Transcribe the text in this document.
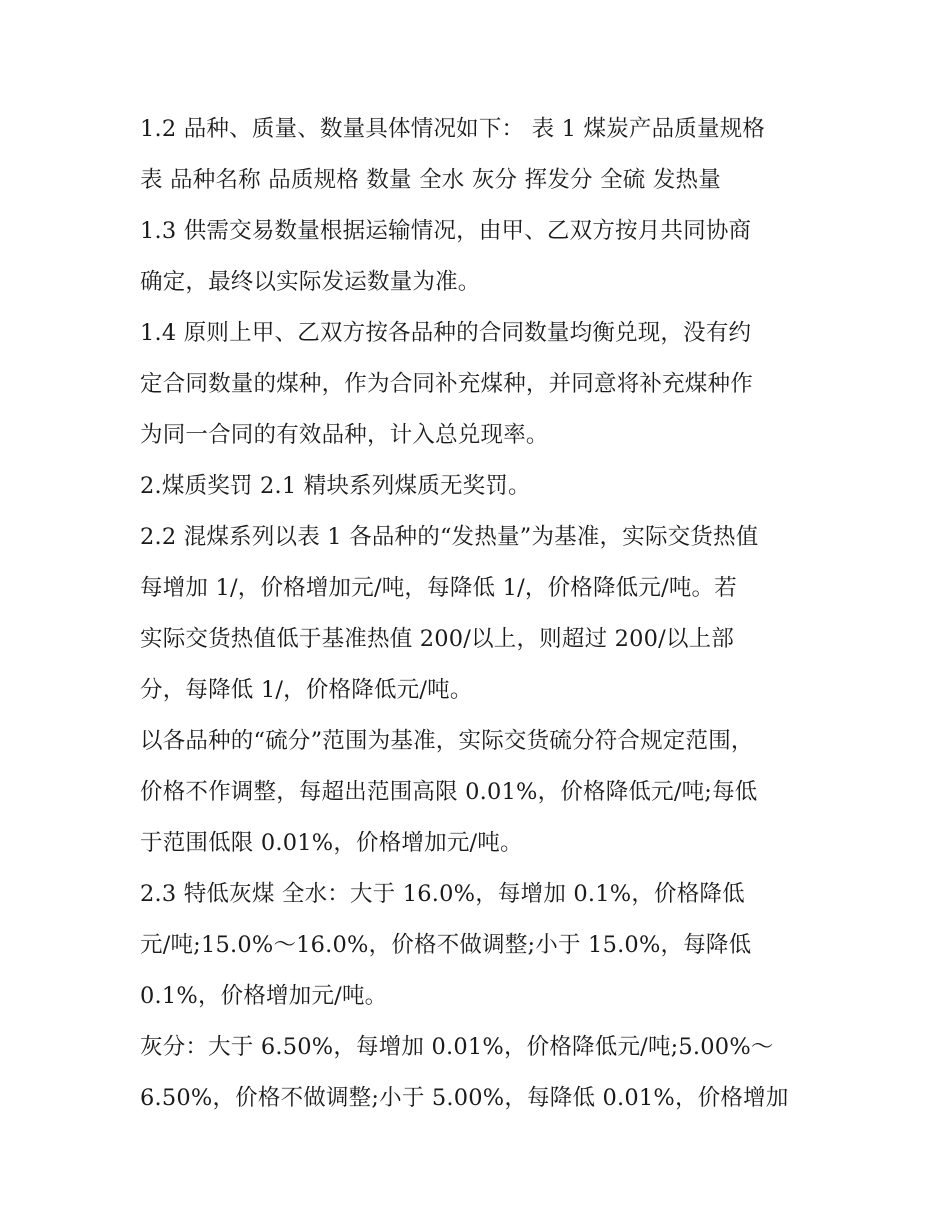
1.2 品种、质量、数量具体情况如下： 表 1 煤炭产品质量规格
表 品种名称 品质规格 数量 全水 灰分 挥发分 全硫 发热量
1.3 供需交易数量根据运输情况，由甲、乙双方按月共同协商
确定，最终以实际发运数量为准。
1.4 原则上甲、乙双方按各品种的合同数量均衡兑现，没有约
定合同数量的煤种，作为合同补充煤种，并同意将补充煤种作
为同一合同的有效品种，计入总兑现率。
2.煤质奖罚 2.1 精块系列煤质无奖罚。
2.2 混煤系列以表 1 各品种的“发热量”为基准，实际交货热值
每增加 1/，价格增加元/吨，每降低 1/，价格降低元/吨。若
实际交货热值低于基准热值 200/以上，则超过 200/以上部
分，每降低 1/，价格降低元/吨。
以各品种的“硫分”范围为基准，实际交货硫分符合规定范围，
价格不作调整，每超出范围高限 0.01%，价格降低元/吨;每低
于范围低限 0.01%，价格增加元/吨。
2.3 特低灰煤 全水：大于 16.0%，每增加 0.1%，价格降低
元/吨;15.0%～16.0%，价格不做调整;小于 15.0%，每降低
0.1%，价格增加元/吨。
灰分：大于 6.50%，每增加 0.01%，价格降低元/吨;5.00%～
6.50%，价格不做调整;小于 5.00%，每降低 0.01%，价格增加
